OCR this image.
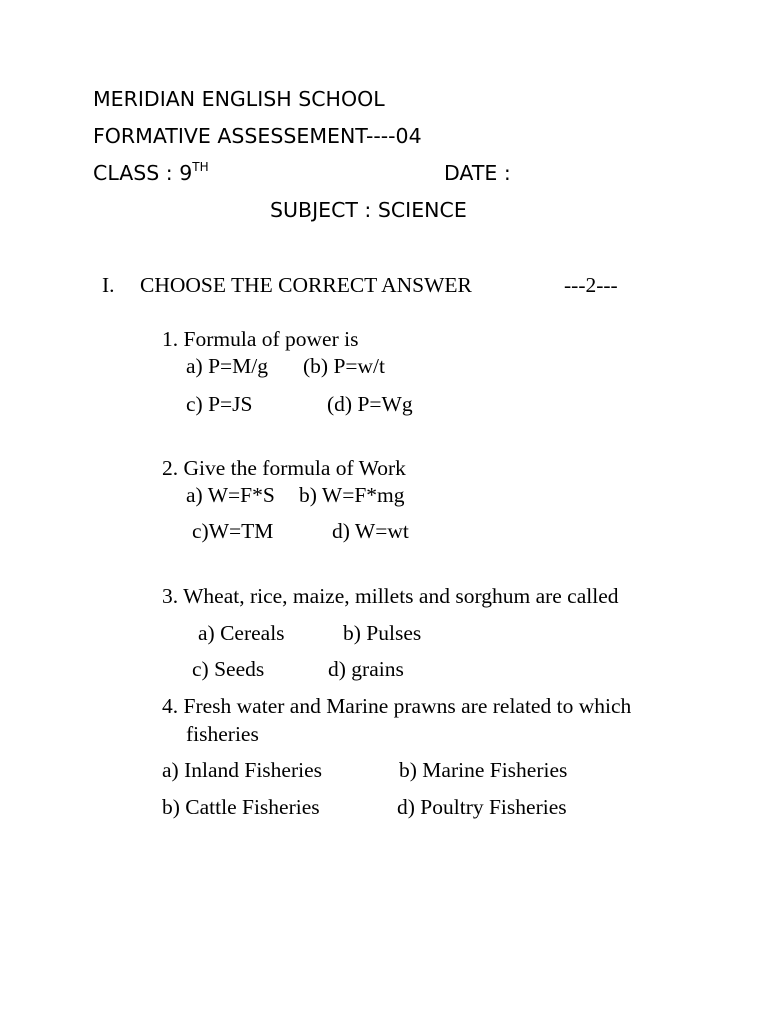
MERIDIAN ENGLISH SCHOOL
FORMATIVE ASSESSEMENT----04
CLASS : 9TH	DATE :
SUBJECT : SCIENCE
I. CHOOSE THE CORRECT ANSWER	---2---
1. Formula of power is
a) P=M/g (b) P=w/t
c) P=JS	(d) P=Wg
2. Give the formula of Work
a) W=F*S b) W=F*mg
c)W=TM	d) W=wt
3. Wheat, rice, maize, millets and sorghum are called
a) Cereals	b) Pulses
c) Seeds	d) grains
4. Fresh water and Marine prawns are related to which
fisheries
a) Inland Fisheries	b) Marine Fisheries
b) Cattle Fisheries	d) Poultry Fisheries
